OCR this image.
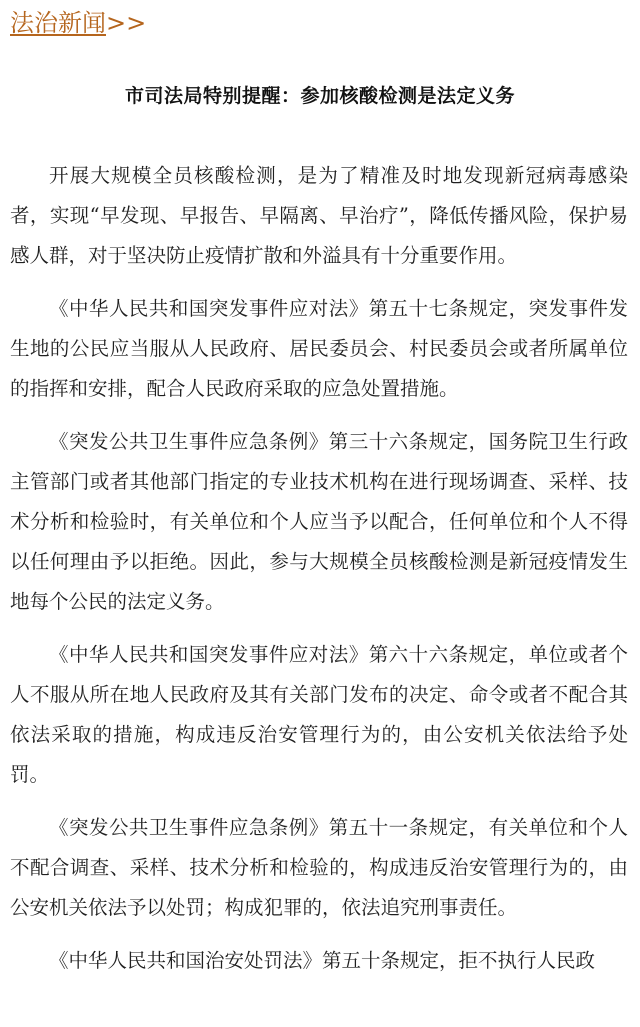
法治新闻>>
市司法局特别提醒：参加核酸检测是法定义务

开展大规模全员核酸检测，是为了精准及时地发现新冠病毒感染者，实现“早发现、早报告、早隔离、早治疗”，降低传播风险，保护易感人群，对于坚决防止疫情扩散和外溢具有十分重要作用。

《中华人民共和国突发事件应对法》第五十七条规定，突发事件发生地的公民应当服从人民政府、居民委员会、村民委员会或者所属单位的指挥和安排，配合人民政府采取的应急处置措施。

《突发公共卫生事件应急条例》第三十六条规定，国务院卫生行政主管部门或者其他部门指定的专业技术机构在进行现场调查、采样、技术分析和检验时，有关单位和个人应当予以配合，任何单位和个人不得以任何理由予以拒绝。因此，参与大规模全员核酸检测是新冠疫情发生地每个公民的法定义务。

《中华人民共和国突发事件应对法》第六十六条规定，单位或者个人不服从所在地人民政府及其有关部门发布的决定、命令或者不配合其依法采取的措施，构成违反治安管理行为的，由公安机关依法给予处罚。

《突发公共卫生事件应急条例》第五十一条规定，有关单位和个人不配合调查、采样、技术分析和检验的，构成违反治安管理行为的，由公安机关依法予以处罚；构成犯罪的，依法追究刑事责任。

《中华人民共和国治安处罚法》第五十条规定，拒不执行人民政
